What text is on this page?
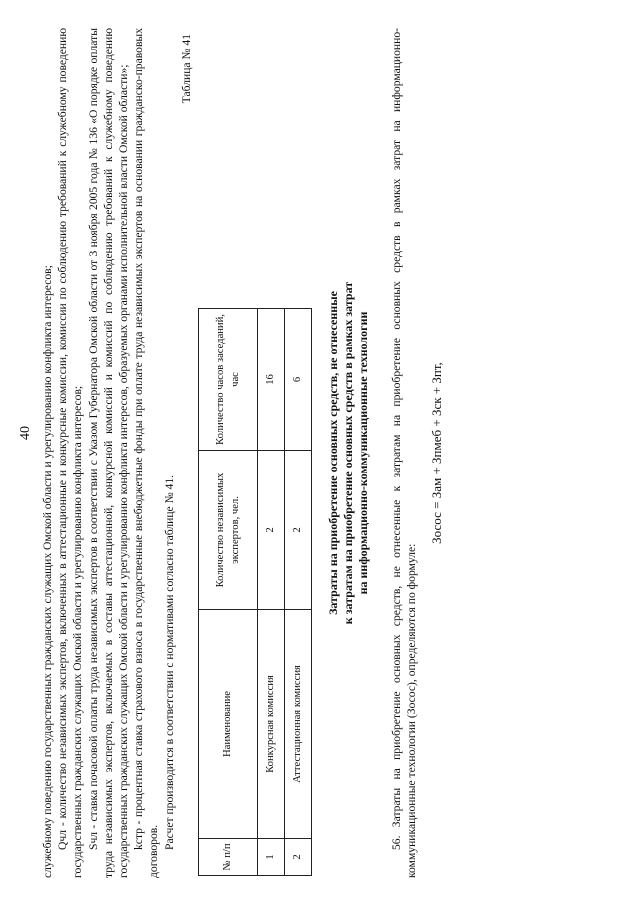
40 служебному поведению государственных гражданских служащих Омской области и урегулированию конфликта интересов; Qчл - количество независимых экспертов, включенных в аттестационные и конкурсные комиссии, комиссии по соблюдению требований к служебному поведению государственных гражданских служащих Омской области и урегулированию конфликта интересов; Sчл - ставка почасовой оплаты труда независимых экспертов в соответствии с Указом Губернатора Омской области от 3 ноября 2005 года № 136 «О порядке оплаты труда независимых экспертов, включаемых в составы аттестационной, конкурсной комиссий и комиссий по соблюдению требований к служебному поведению государственных гражданских служащих Омской области и урегулированию конфликта интересов, образуемых органами исполнительной власти Омской области»; kстр - процентная ставка страхового взноса в государственные внебюджетные фонды при оплате труда независимых экспертов на основании гражданско-правовых договоров.

Расчет производится в соответствии с нормативами согласно таблице № 41.

Таблица № 41
№ п/п	Наименование	Количество независимых экспертов, чел.	Количество часов заседаний, час
1	Конкурсная комиссия	2	16
2	Аттестационная комиссия	2	6 Затраты на приобретение основных средств, не отнесенные к затратам на приобретение основных средств в рамках затрат на информационно-коммуникационные технологии 56. Затраты на приобретение основных средств, не отнесенные к затратам на приобретение основных средств в рамках затрат на информационно-коммуникационные технологии (Зосос), определяются по формуле:

Зосос = Зам + Зпмеб + Зск + Зпт,
